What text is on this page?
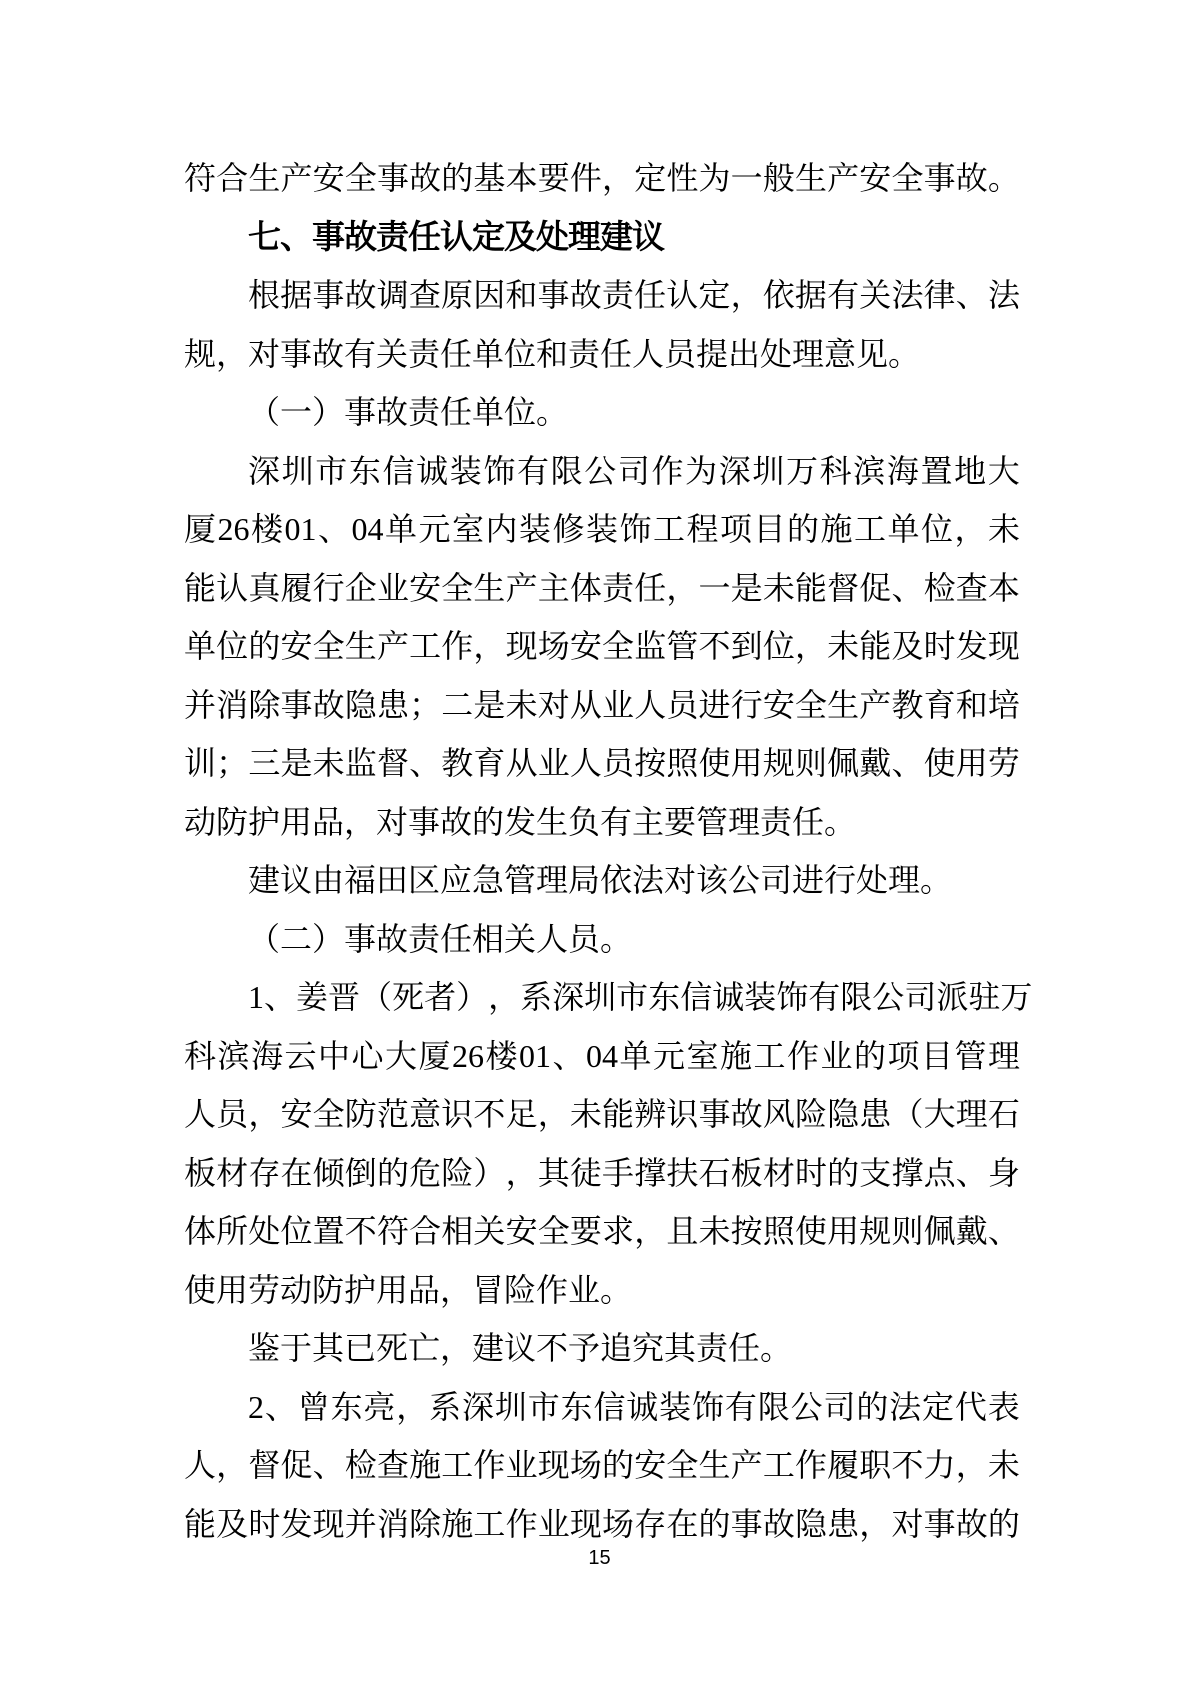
符 合 生 产 安 全 事 故 的 基 本 要 件 ， 定 性 为 一 般 生 产 安 全 事 故 。
七、事故责任认定及处理建议
根 据 事 故 调 查 原 因 和 事 故 责 任 认 定 ， 依 据 有 关 法 律 、 法
规，对事故有关责任单位和责任人员提出处理意见。
（一）事故责任单位。
深 圳 市 东 信 诚 装 饰 有 限 公 司 作 为 深 圳 万 科 滨 海 置 地 大
厦 26 楼 01 、 04 单 元 室 内 装 修 装 饰 工 程 项 目 的 施 工 单 位 ， 未
能 认 真 履 行 企 业 安 全 生 产 主 体 责 任 ， 一 是 未 能 督 促 、 检 查 本
单 位 的 安 全 生 产 工 作 ， 现 场 安 全 监 管 不 到 位 ， 未 能 及 时 发 现
并 消 除 事 故 隐 患 ； 二 是 未 对 从 业 人 员 进 行 安 全 生 产 教 育 和 培
训 ； 三 是 未 监 督 、 教 育 从 业 人 员 按 照 使 用 规 则 佩 戴 、 使 用 劳
动防护用品，对事故的发生负有主要管理责任。
建议由福田区应急管理局依法对该公司进行处理。
（二）事故责任相关人员。
1 、 姜 晋 （ 死 者 ） ， 系 深 圳 市 东 信 诚 装 饰 有 限 公 司 派 驻 万
科 滨 海 云 中 心 大 厦 26 楼 01 、 04 单 元 室 施 工 作 业 的 项 目 管 理
人 员 ， 安 全 防 范 意 识 不 足 ， 未 能 辨 识 事 故 风 险 隐 患 （ 大 理 石
板 材 存 在 倾 倒 的 危 险 ） ， 其 徒 手 撑 扶 石 板 材 时 的 支 撑 点 、 身
体 所 处 位 置 不 符 合 相 关 安 全 要 求 ， 且 未 按 照 使 用 规 则 佩 戴 、
使用劳动防护用品，冒险作业。
鉴于其已死亡，建议不予追究其责任。
2 、 曾 东 亮 ， 系 深 圳 市 东 信 诚 装 饰 有 限 公 司 的 法 定 代 表
人 ， 督 促 、 检 查 施 工 作 业 现 场 的 安 全 生 产 工 作 履 职 不 力 ， 未
能 及 时 发 现 并 消 除 施 工 作 业 现 场 存 在 的 事 故 隐 患 ， 对 事 故 的
15
